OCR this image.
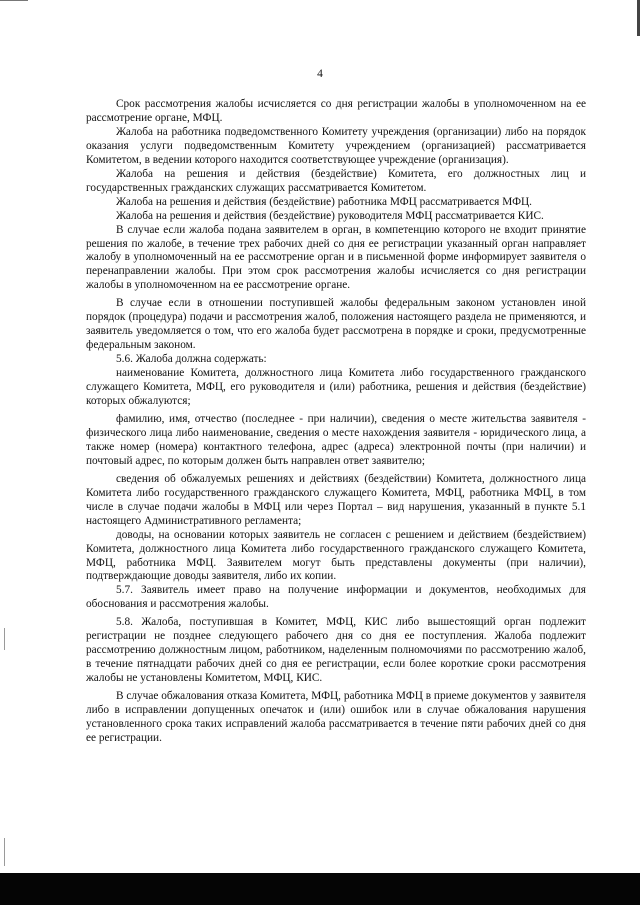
4

Срок рассмотрения жалобы исчисляется со дня регистрации жалобы в уполномоченном на ее рассмотрение органе, МФЦ.

Жалоба на работника подведомственного Комитету учреждения (организации) либо на порядок оказания услуги подведомственным Комитету учреждением (организацией) рассматривается Комитетом, в ведении которого находится соответствующее учреждение (организация).

Жалоба на решения и действия (бездействие) Комитета, его должностных лиц и государственных гражданских служащих рассматривается Комитетом.

Жалоба на решения и действия (бездействие) работника МФЦ рассматривается МФЦ.

Жалоба на решения и действия (бездействие) руководителя МФЦ рассматривается КИС.

В случае если жалоба подана заявителем в орган, в компетенцию которого не входит принятие решения по жалобе, в течение трех рабочих дней со дня ее регистрации указанный орган направляет жалобу в уполномоченный на ее рассмотрение орган и в письменной форме информирует заявителя о перенаправлении жалобы. При этом срок рассмотрения жалобы исчисляется со дня регистрации жалобы в уполномоченном на ее рассмотрение органе.

В случае если в отношении поступившей жалобы федеральным законом установлен иной порядок (процедура) подачи и рассмотрения жалоб, положения настоящего раздела не применяются, и заявитель уведомляется о том, что его жалоба будет рассмотрена в порядке и сроки, предусмотренные федеральным законом.

5.6. Жалоба должна содержать:

наименование Комитета, должностного лица Комитета либо государственного гражданского служащего Комитета, МФЦ, его руководителя и (или) работника, решения и действия (бездействие) которых обжалуются;

фамилию, имя, отчество (последнее - при наличии), сведения о месте жительства заявителя - физического лица либо наименование, сведения о месте нахождения заявителя - юридического лица, а также номер (номера) контактного телефона, адрес (адреса) электронной почты (при наличии) и почтовый адрес, по которым должен быть направлен ответ заявителю;

сведения об обжалуемых решениях и действиях (бездействии) Комитета, должностного лица Комитета либо государственного гражданского служащего Комитета, МФЦ, работника МФЦ, в том числе в случае подачи жалобы в МФЦ или через Портал – вид нарушения, указанный в пункте 5.1 настоящего Административного регламента;

доводы, на основании которых заявитель не согласен с решением и действием (бездействием) Комитета, должностного лица Комитета либо государственного гражданского служащего Комитета, МФЦ, работника МФЦ. Заявителем могут быть представлены документы (при наличии), подтверждающие доводы заявителя, либо их копии.

5.7. Заявитель имеет право на получение информации и документов, необходимых для обоснования и рассмотрения жалобы.

5.8. Жалоба, поступившая в Комитет, МФЦ, КИС либо вышестоящий орган подлежит регистрации не позднее следующего рабочего дня со дня ее поступления. Жалоба подлежит рассмотрению должностным лицом, работником, наделенным полномочиями по рассмотрению жалоб, в течение пятнадцати рабочих дней со дня ее регистрации, если более короткие сроки рассмотрения жалобы не установлены Комитетом, МФЦ, КИС.

В случае обжалования отказа Комитета, МФЦ, работника МФЦ в приеме документов у заявителя либо в исправлении допущенных опечаток и (или) ошибок или в случае обжалования нарушения установленного срока таких исправлений жалоба рассматривается в течение пяти рабочих дней со дня ее регистрации.
